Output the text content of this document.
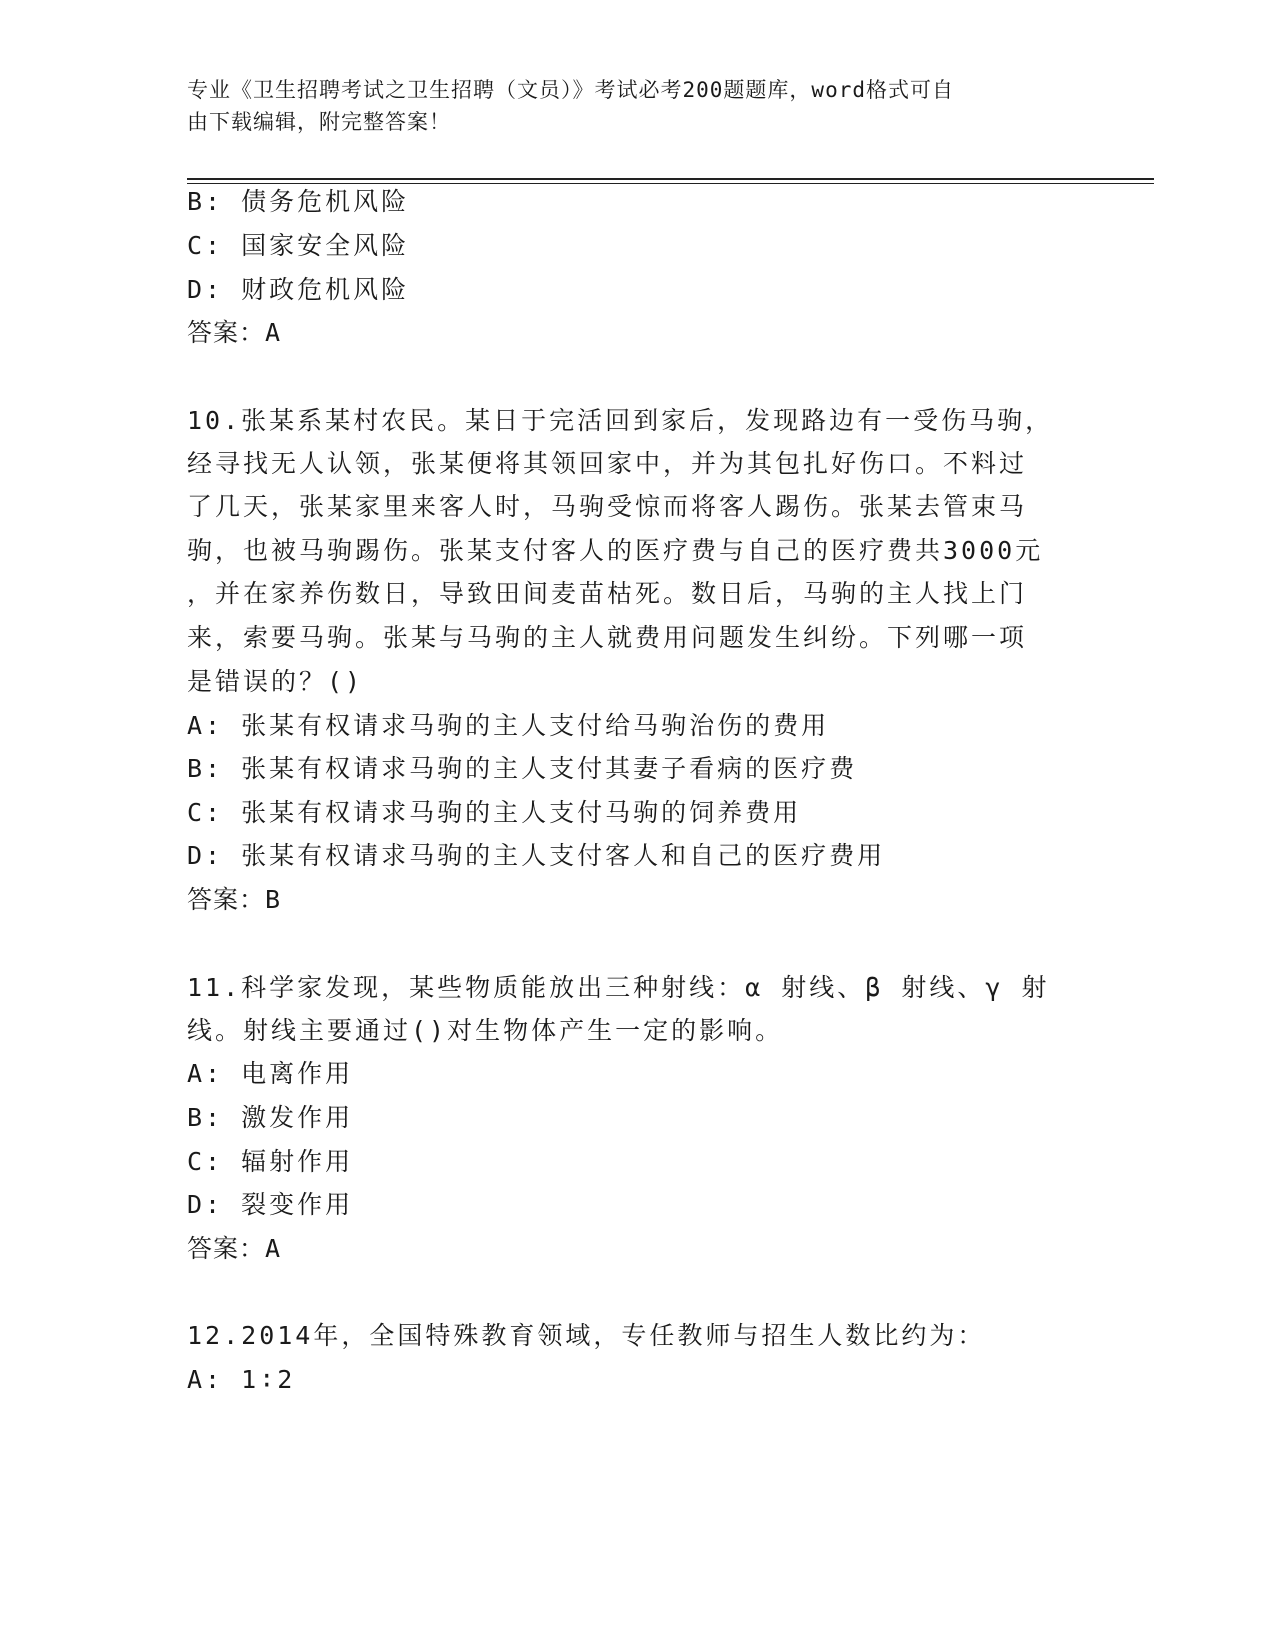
专业《卫生招聘考试之卫生招聘（文员）》考试必考200题题库，word格式可自
由下载编辑，附完整答案！
B: 债务危机风险
C: 国家安全风险
D: 财政危机风险
答案：A
10.张某系某村农民。某日于完活回到家后，发现路边有一受伤马驹，
经寻找无人认领，张某便将其领回家中，并为其包扎好伤口。不料过
了几天，张某家里来客人时，马驹受惊而将客人踢伤。张某去管束马
驹，也被马驹踢伤。张某支付客人的医疗费与自己的医疗费共3000元
，并在家养伤数日，导致田间麦苗枯死。数日后，马驹的主人找上门
来，索要马驹。张某与马驹的主人就费用问题发生纠纷。下列哪一项
是错误的？()
A: 张某有权请求马驹的主人支付给马驹治伤的费用
B: 张某有权请求马驹的主人支付其妻子看病的医疗费
C: 张某有权请求马驹的主人支付马驹的饲养费用
D: 张某有权请求马驹的主人支付客人和自己的医疗费用
答案：B
11.科学家发现，某些物质能放出三种射线：α 射线、β 射线、γ 射
线。射线主要通过()对生物体产生一定的影响。
A: 电离作用
B: 激发作用
C: 辐射作用
D: 裂变作用
答案：A
12.2014年，全国特殊教育领域，专任教师与招生人数比约为：
A: 1∶2
